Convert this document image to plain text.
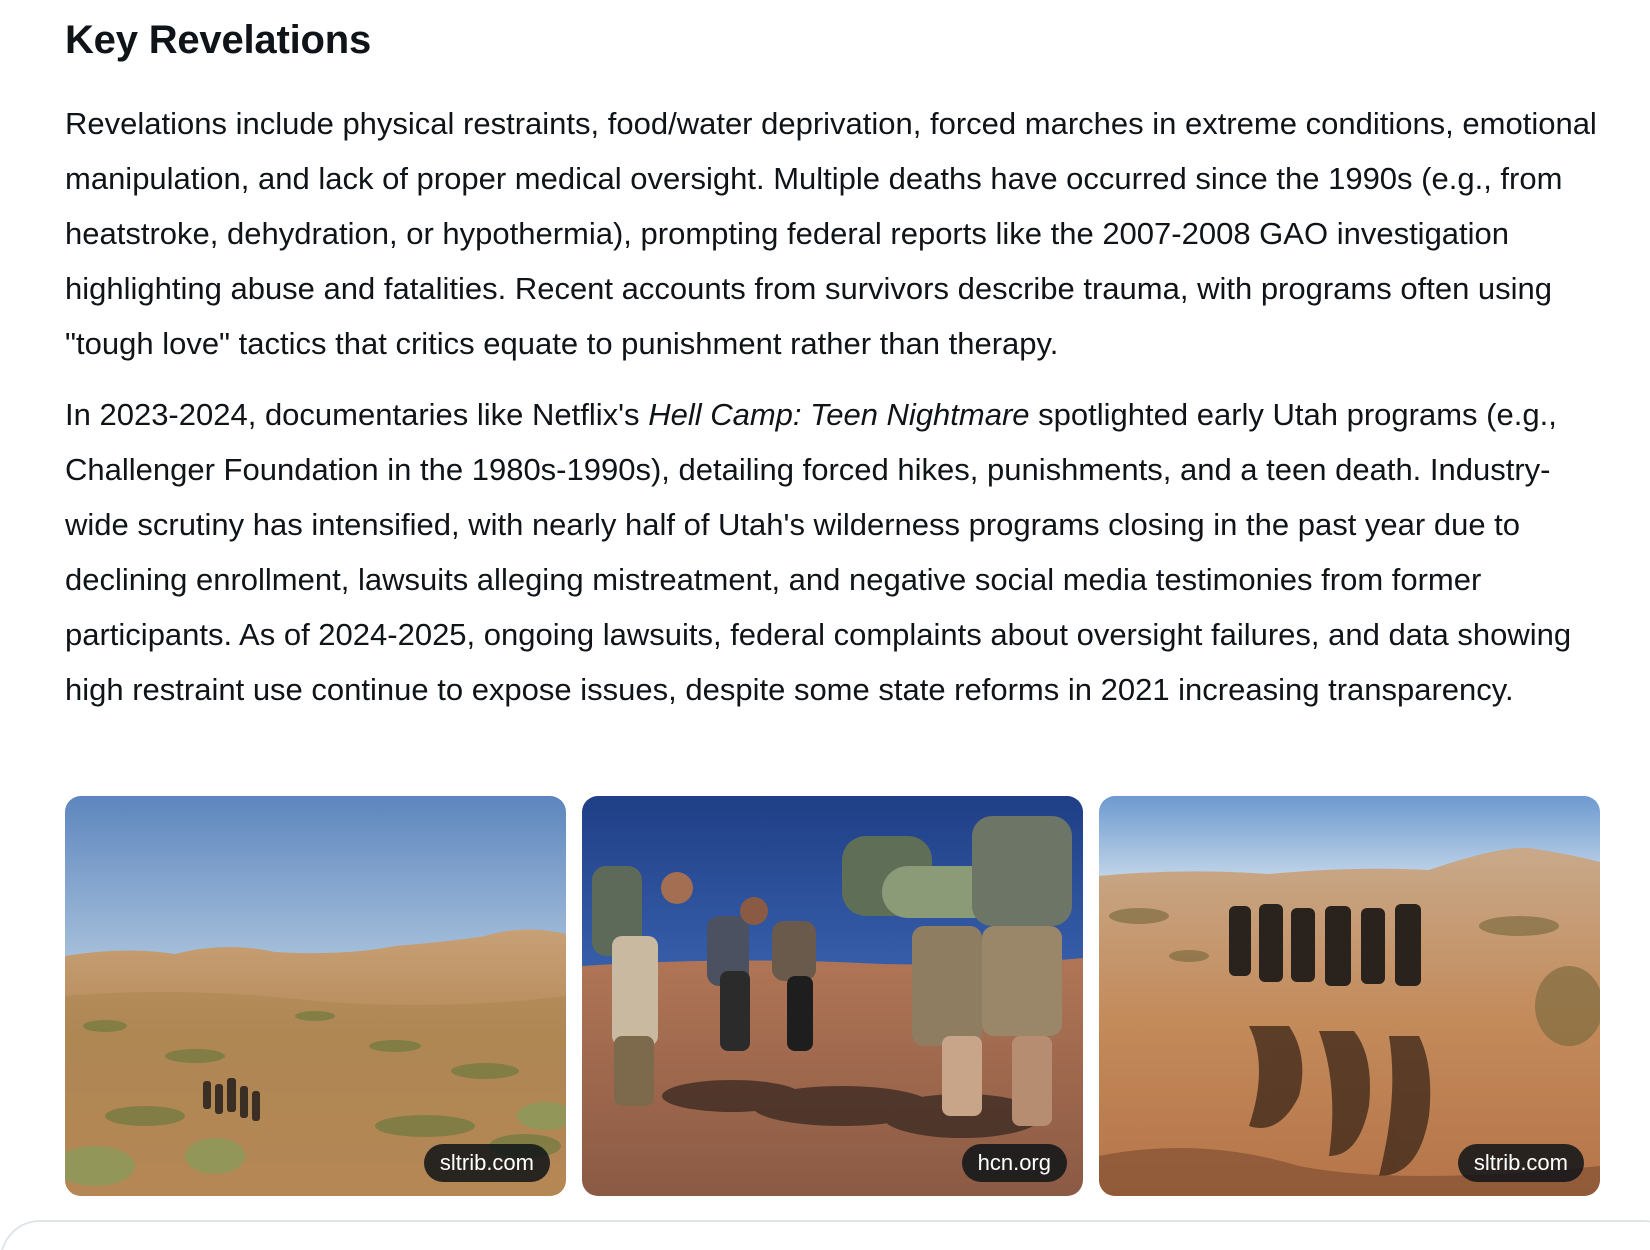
Key Revelations

Revelations include physical restraints, food/water deprivation, forced marches in extreme conditions, emotional manipulation, and lack of proper medical oversight. Multiple deaths have occurred since the 1990s (e.g., from heatstroke, dehydration, or hypothermia), prompting federal reports like the 2007-2008 GAO investigation highlighting abuse and fatalities. Recent accounts from survivors describe trauma, with programs often using "tough love" tactics that critics equate to punishment rather than therapy.

In 2023-2024, documentaries like Netflix's Hell Camp: Teen Nightmare spotlighted early Utah programs (e.g., Challenger Foundation in the 1980s-1990s), detailing forced hikes, punishments, and a teen death. Industry-wide scrutiny has intensified, with nearly half of Utah's wilderness programs closing in the past year due to declining enrollment, lawsuits alleging mistreatment, and negative social media testimonies from former participants. As of 2024-2025, ongoing lawsuits, federal complaints about oversight failures, and data showing high restraint use continue to expose issues, despite some state reforms in 2021 increasing transparency.

sltrib.com	hcn.org	sltrib.com
